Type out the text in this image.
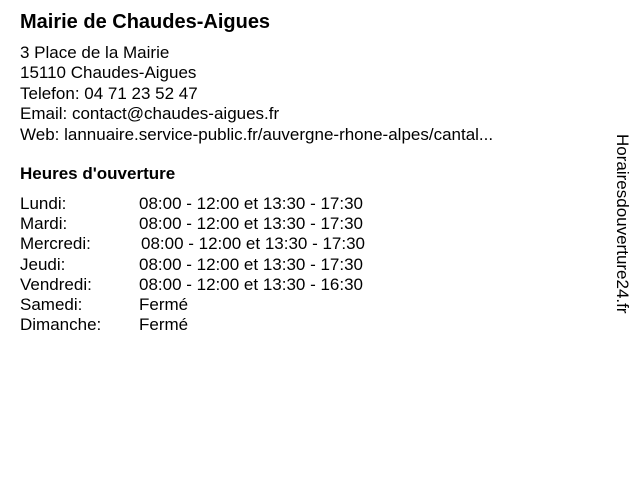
Mairie de Chaudes-Aigues
3 Place de la Mairie
15110 Chaudes-Aigues
Telefon: 04 71 23 52 47
Email: contact@chaudes-aigues.fr
Web: lannuaire.service-public.fr/auvergne-rhone-alpes/cantal...
Heures d'ouverture
Lundi:	08:00 - 12:00 et 13:30 - 17:30
Mardi:	08:00 - 12:00 et 13:30 - 17:30
Mercredi:	08:00 - 12:00 et 13:30 - 17:30
Jeudi:	08:00 - 12:00 et 13:30 - 17:30
Vendredi:	08:00 - 12:00 et 13:30 - 16:30
Samedi:	Fermé
Dimanche: Fermé
Horairesdouverture24.fr
